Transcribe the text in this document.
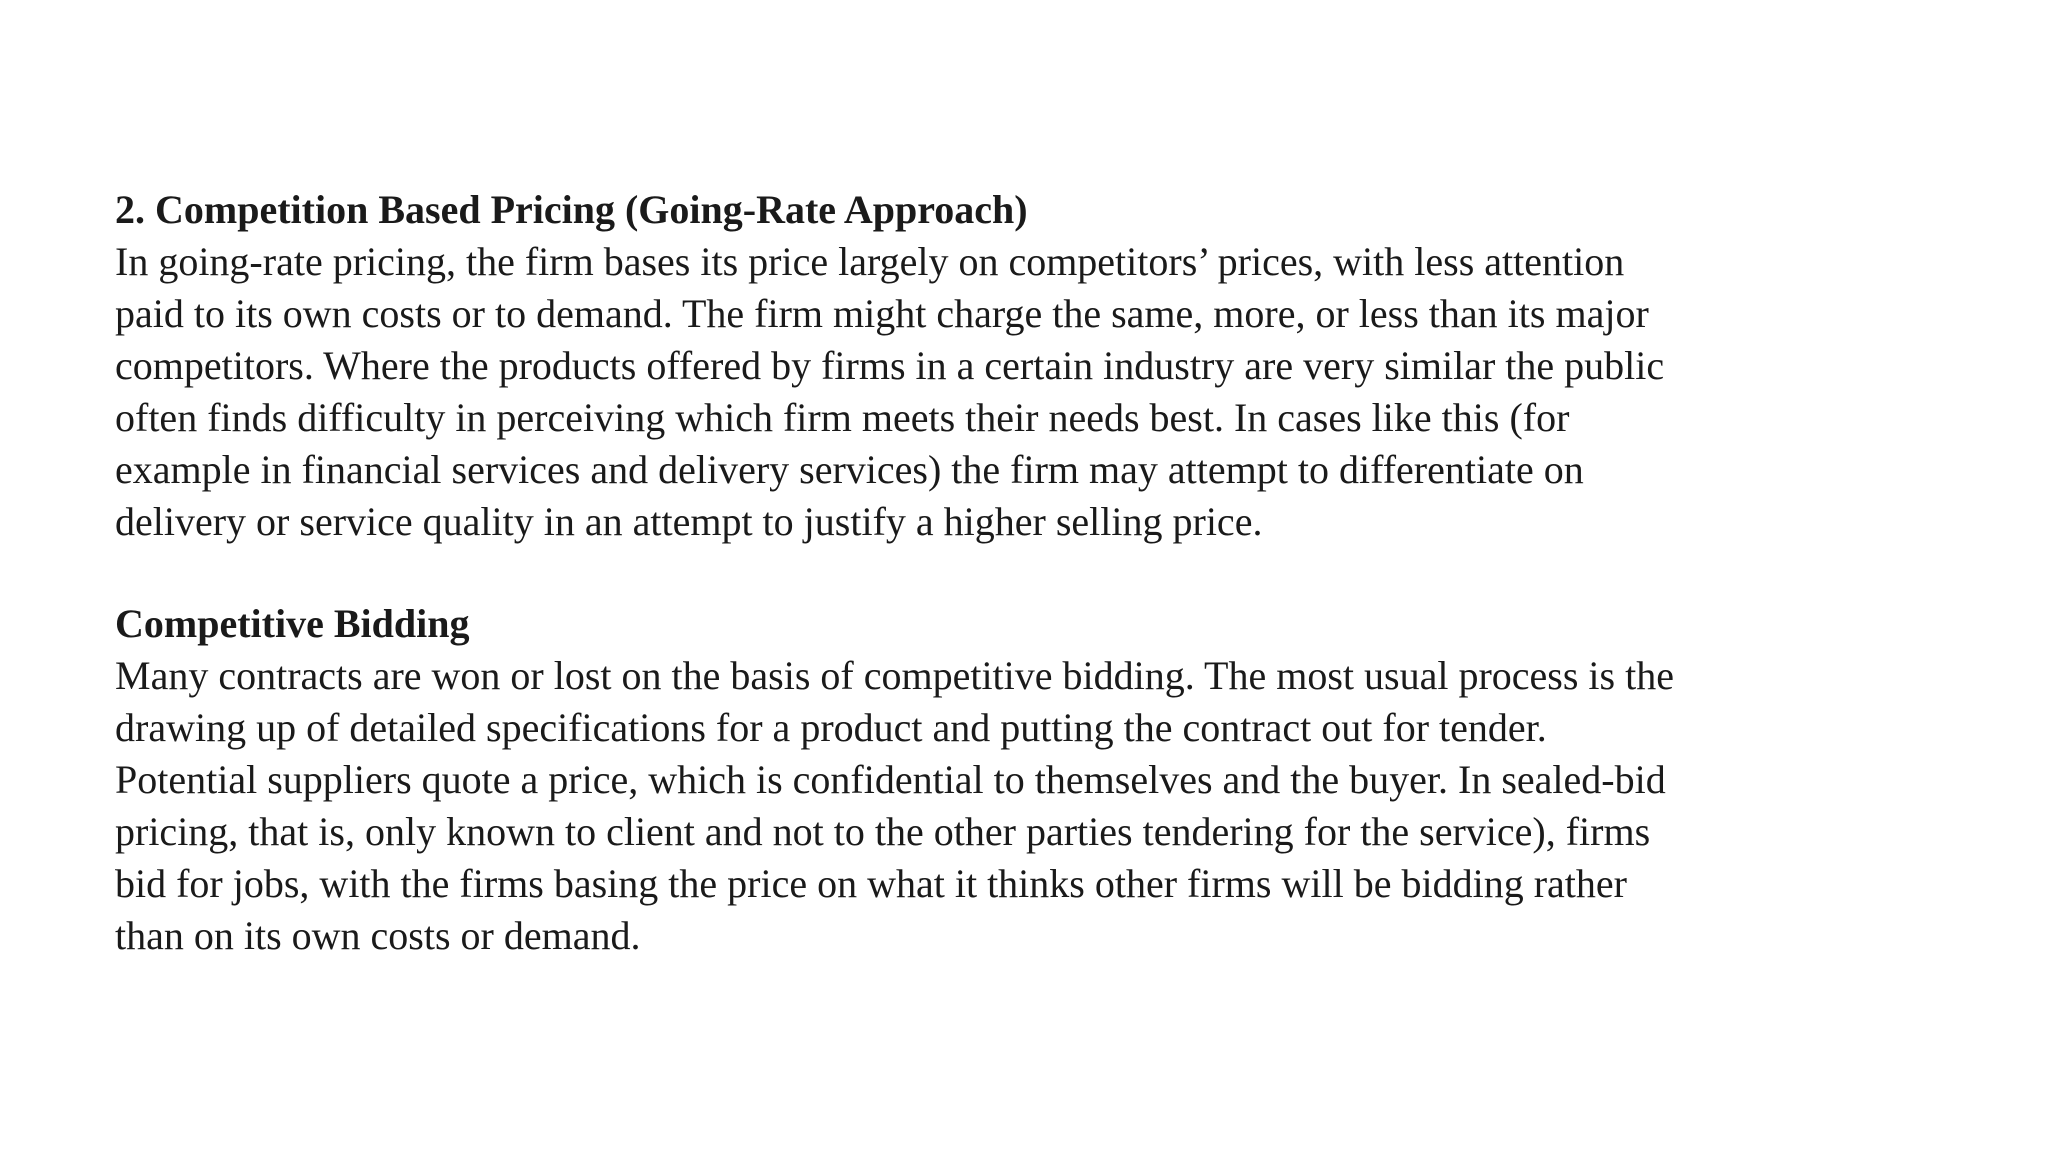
2. Competition Based Pricing (Going-Rate Approach)
In going-rate pricing, the firm bases its price largely on competitors’ prices, with less attention
paid to its own costs or to demand. The firm might charge the same, more, or less than its major
competitors. Where the products offered by firms in a certain industry are very similar the public
often finds difficulty in perceiving which firm meets their needs best. In cases like this (for
example in financial services and delivery services) the firm may attempt to differentiate on
delivery or service quality in an attempt to justify a higher selling price.
Competitive Bidding
Many contracts are won or lost on the basis of competitive bidding. The most usual process is the
drawing up of detailed specifications for a product and putting the contract out for tender.
Potential suppliers quote a price, which is confidential to themselves and the buyer. In sealed-bid
pricing, that is, only known to client and not to the other parties tendering for the service), firms
bid for jobs, with the firms basing the price on what it thinks other firms will be bidding rather
than on its own costs or demand.
